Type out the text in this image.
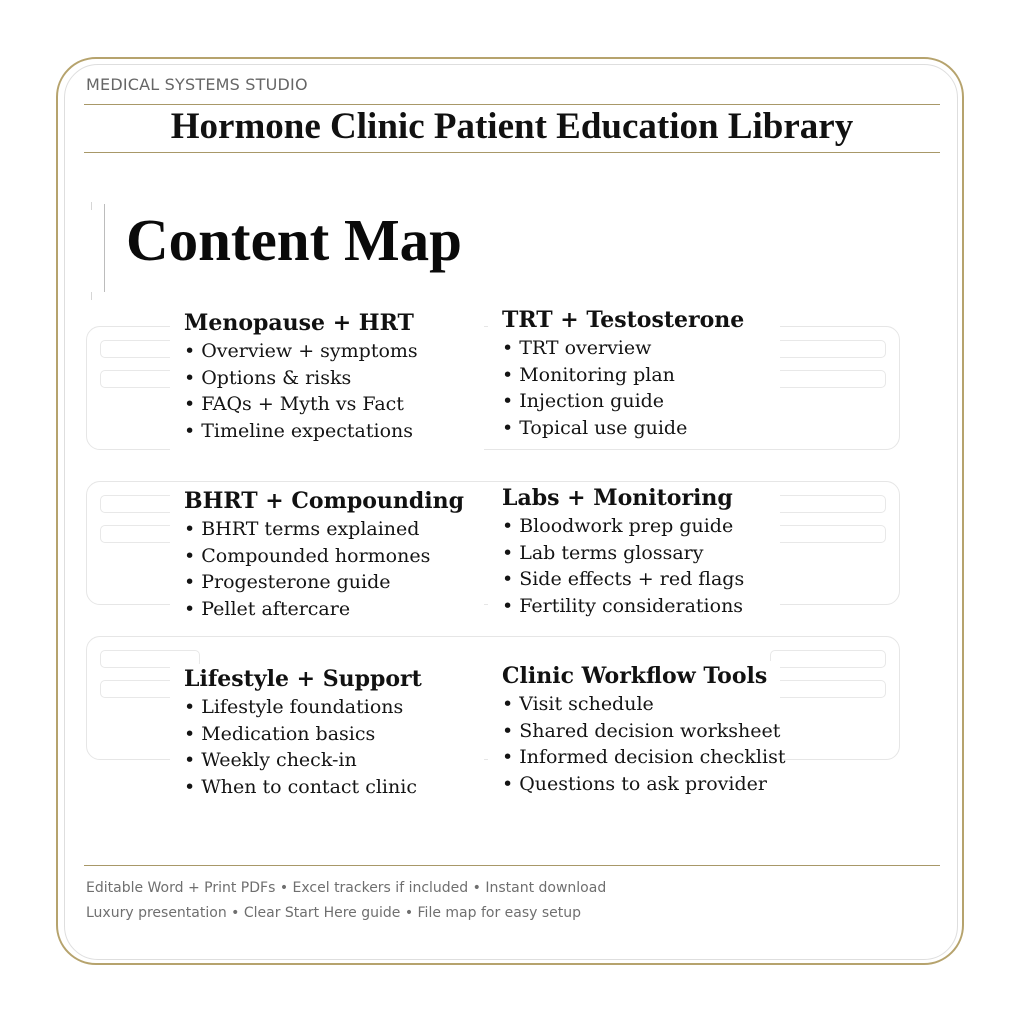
MEDICAL SYSTEMS STUDIO
Hormone Clinic Patient Education Library
Content Map
Menopause + HRT
• Overview + symptoms
• Options & risks
• FAQs + Myth vs Fact
• Timeline expectations
TRT + Testosterone
• TRT overview
• Monitoring plan
• Injection guide
• Topical use guide
BHRT + Compounding
• BHRT terms explained
• Compounded hormones
• Progesterone guide
• Pellet aftercare
Labs + Monitoring
• Bloodwork prep guide
• Lab terms glossary
• Side effects + red flags
• Fertility considerations
Lifestyle + Support
• Lifestyle foundations
• Medication basics
• Weekly check-in
• When to contact clinic
Clinic Workflow Tools
• Visit schedule
• Shared decision worksheet
• Informed decision checklist
• Questions to ask provider
Editable Word + Print PDFs • Excel trackers if included • Instant download
Luxury presentation • Clear Start Here guide • File map for easy setup
